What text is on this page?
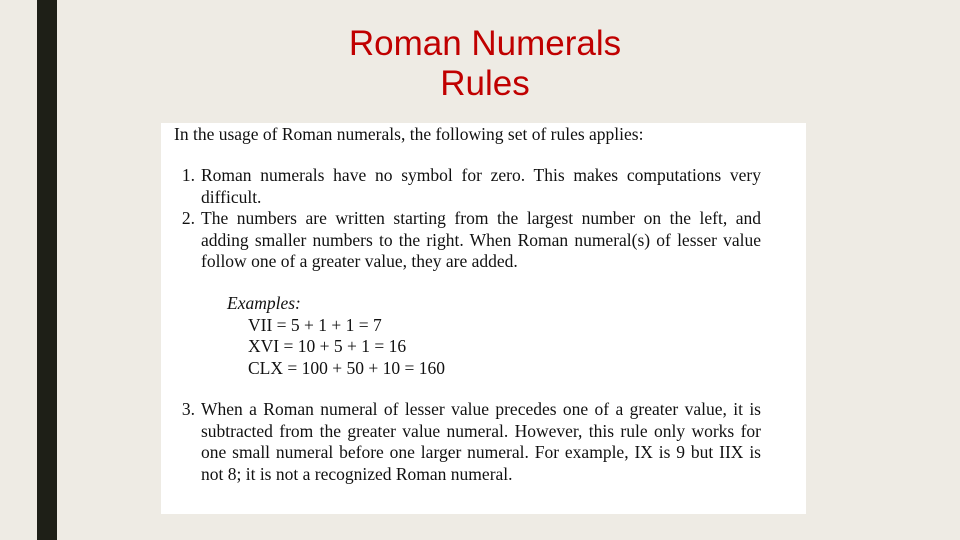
Roman Numerals
Rules
In the usage of Roman numerals, the following set of rules applies:
1. Roman numerals have no symbol for zero. This makes computations very difficult.
2. The numbers are written starting from the largest number on the left, and adding smaller numbers to the right. When Roman numeral(s) of lesser value follow one of a greater value, they are added.
Examples:
VII = 5 + 1 + 1 = 7
XVI = 10 + 5 + 1 = 16
CLX = 100 + 50 + 10 = 160
3. When a Roman numeral of lesser value precedes one of a greater value, it is subtracted from the greater value numeral. However, this rule only works for one small numeral before one larger numeral. For example, IX is 9 but IIX is not 8; it is not a recognized Roman numeral.
